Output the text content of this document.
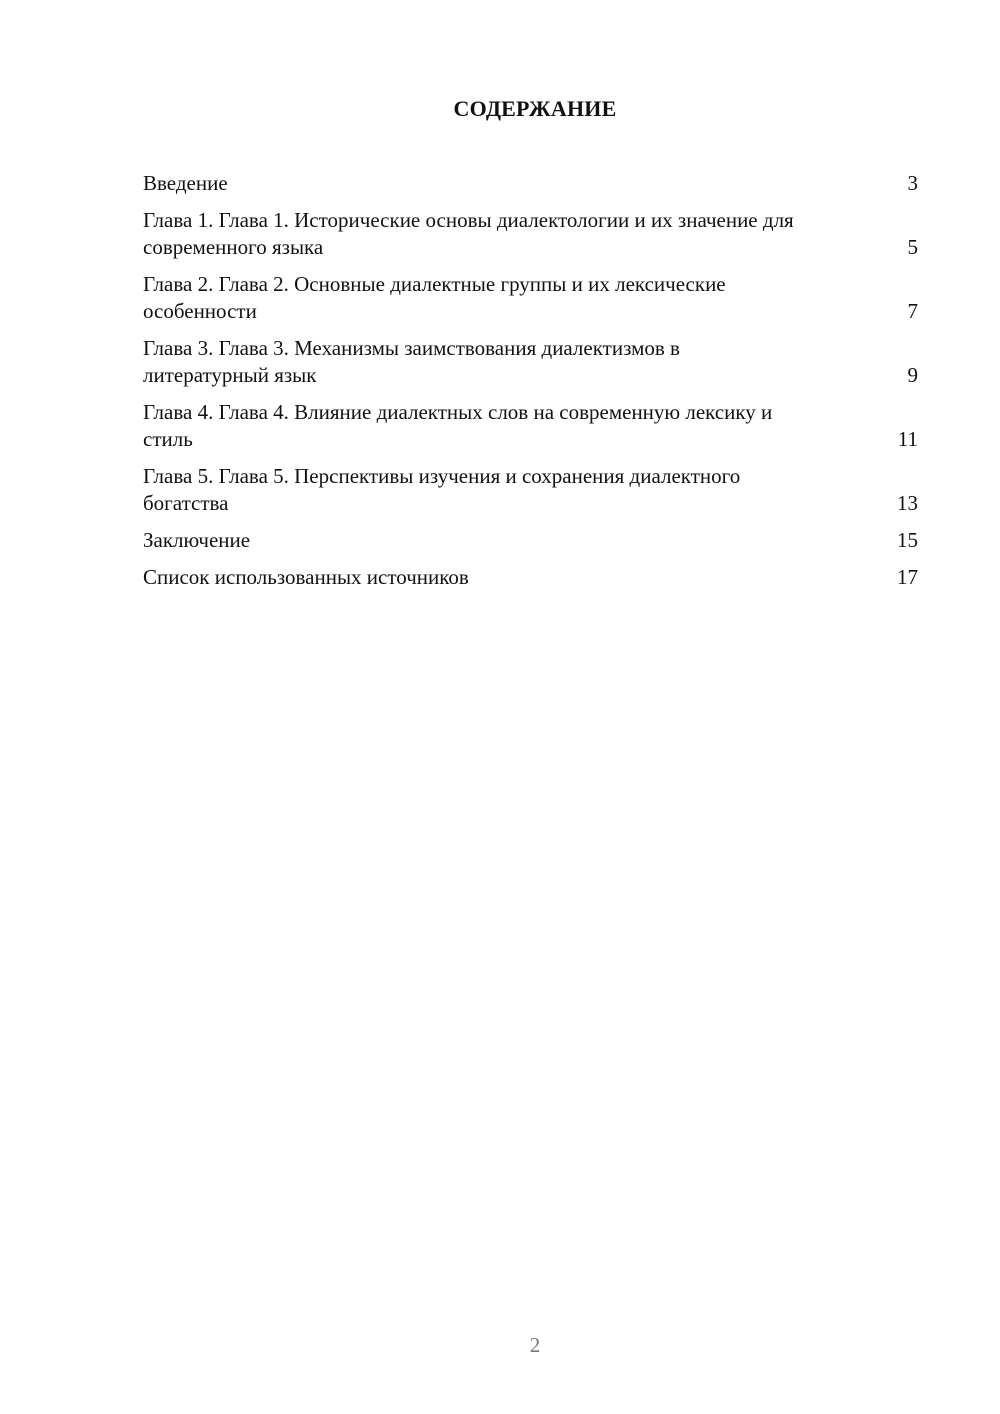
СОДЕРЖАНИЕ
Введение	3
Глава 1. Глава 1. Исторические основы диалектологии и их значение для современного языка	5
Глава 2. Глава 2. Основные диалектные группы и их лексические особенности	7
Глава 3. Глава 3. Механизмы заимствования диалектизмов в литературный язык	9
Глава 4. Глава 4. Влияние диалектных слов на современную лексику и стиль	11
Глава 5. Глава 5. Перспективы изучения и сохранения диалектного богатства	13
Заключение	15
Список использованных источников	17
2
